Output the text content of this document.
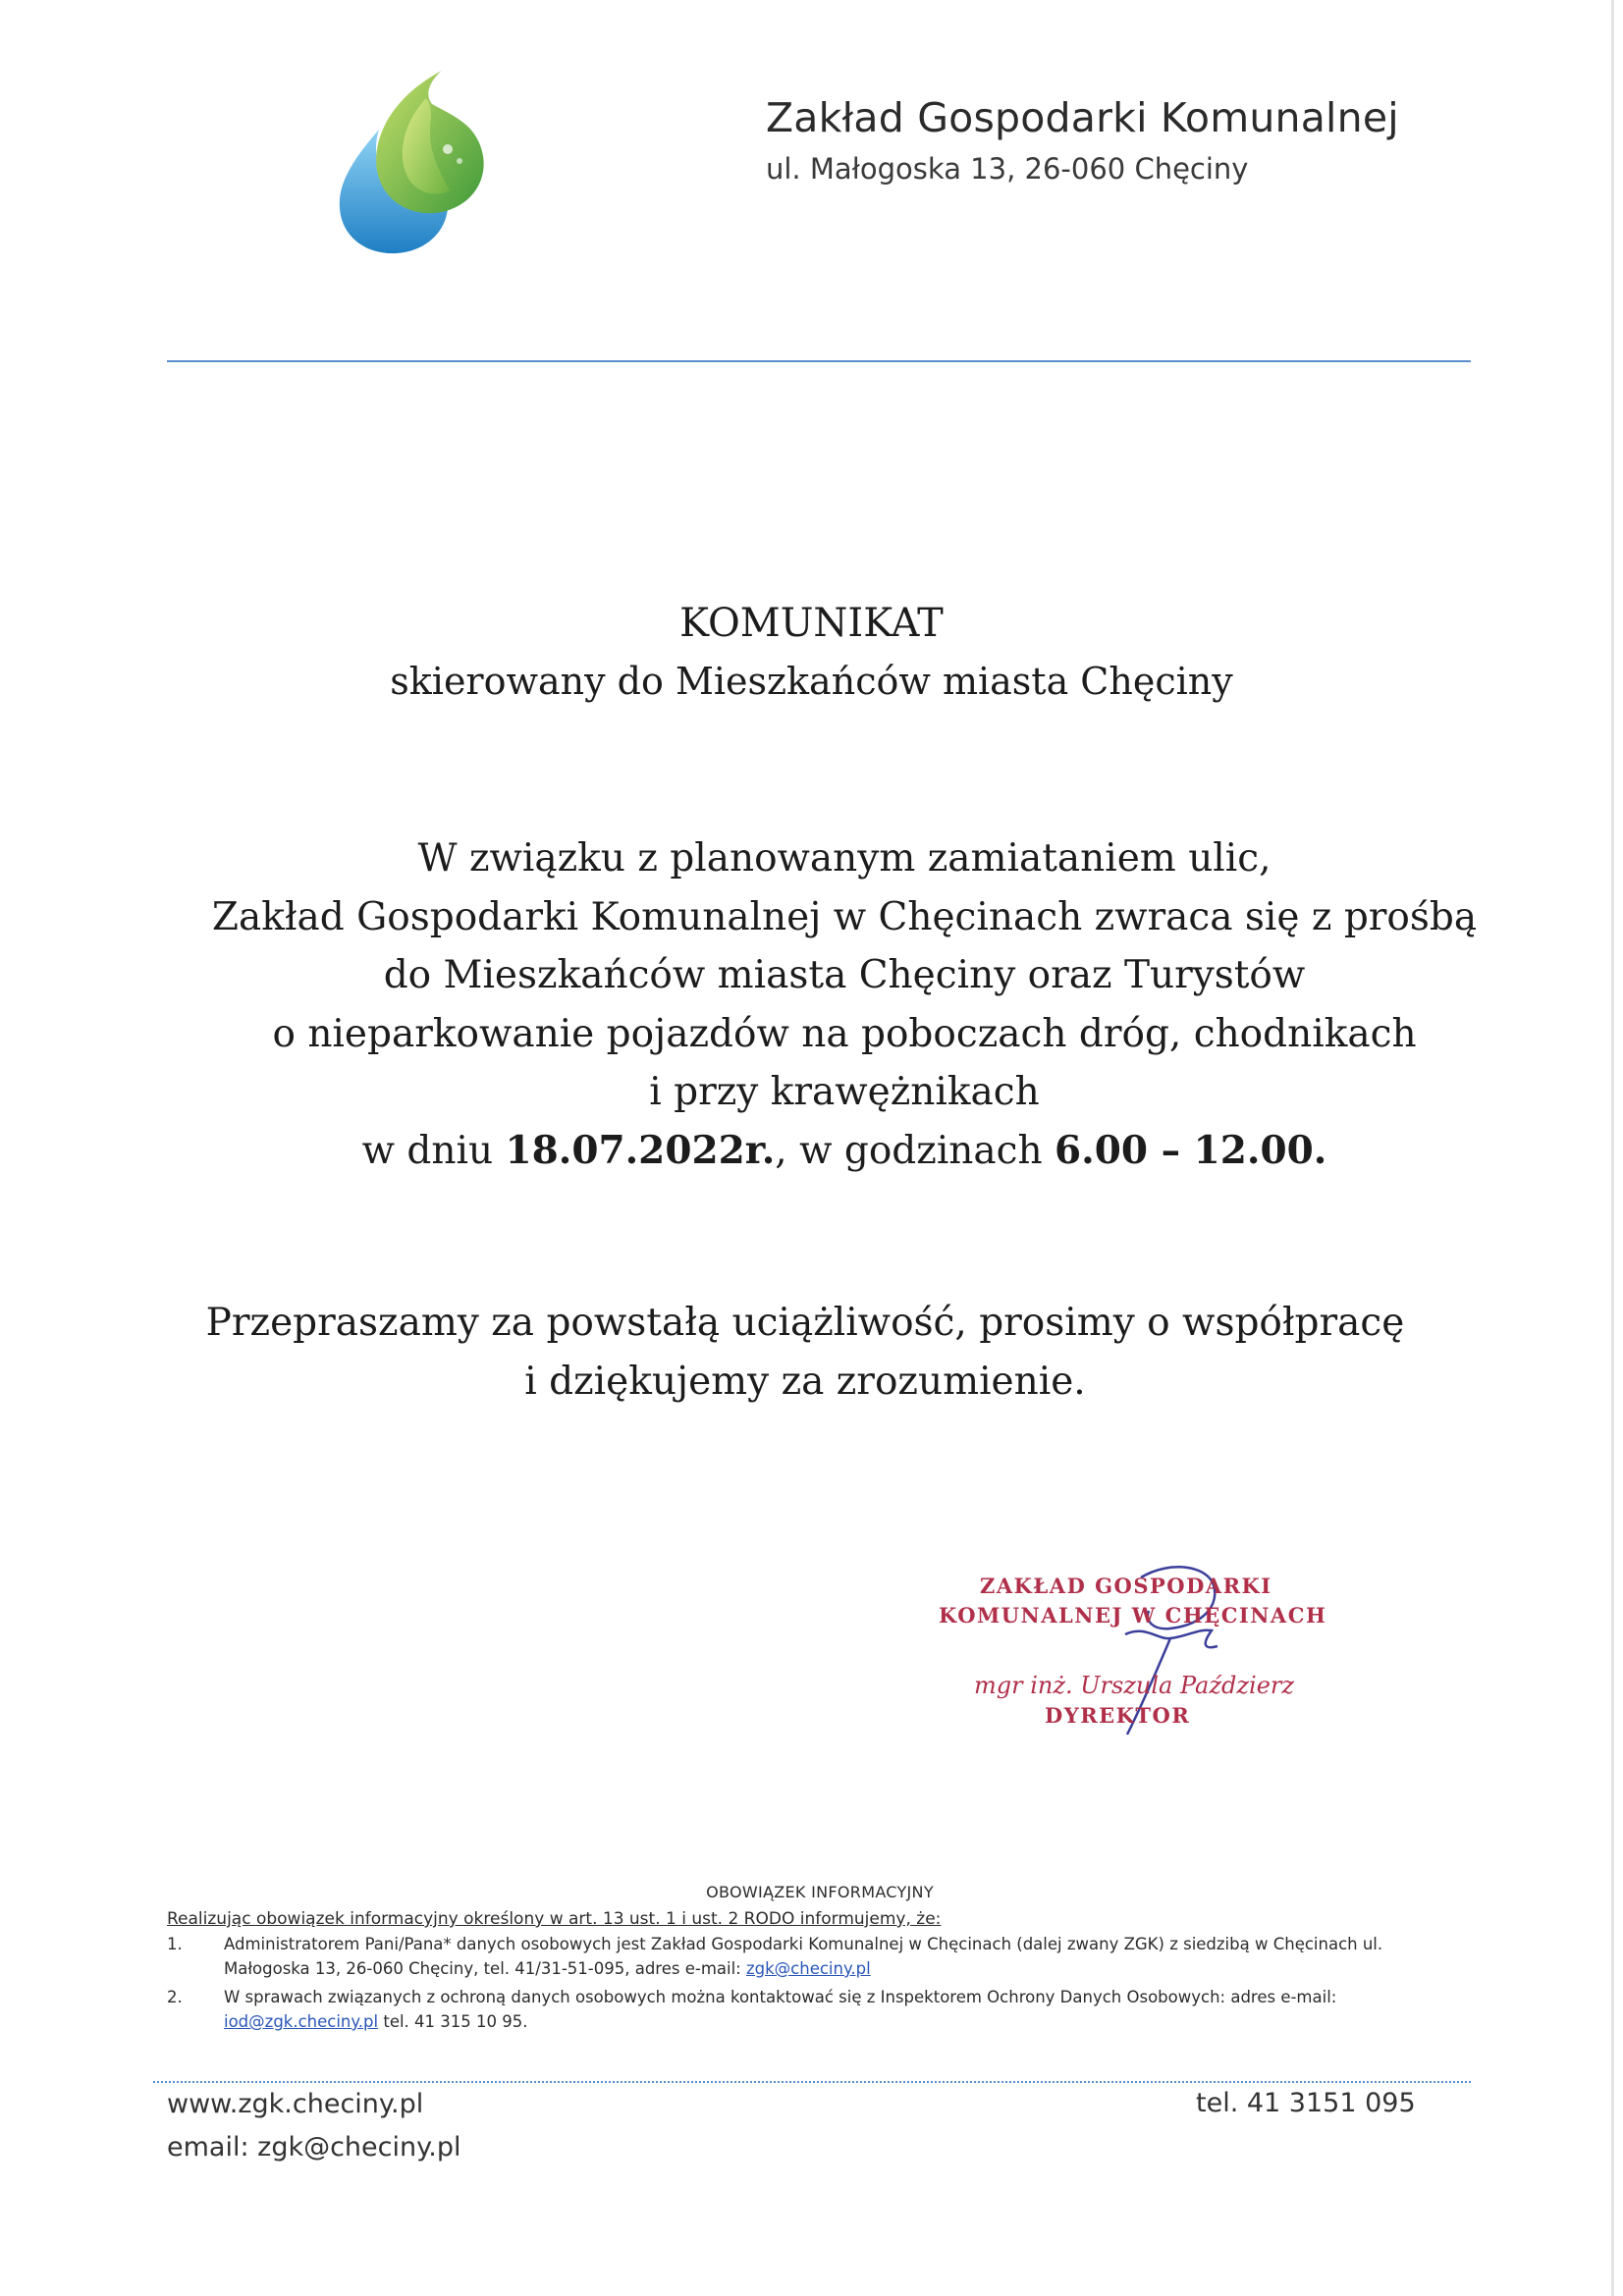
Zakład Gospodarki Komunalnej
ul. Małogoska 13, 26-060 Chęciny
KOMUNIKAT
skierowany do Mieszkańców miasta Chęciny
W związku z planowanym zamiataniem ulic,
Zakład Gospodarki Komunalnej w Chęcinach zwraca się z prośbą
do Mieszkańców miasta Chęciny oraz Turystów
o nieparkowanie pojazdów na poboczach dróg, chodnikach
i przy krawężnikach
w dniu 18.07.2022r., w godzinach 6.00 – 12.00.
Przepraszamy za powstałą uciążliwość, prosimy o współpracę
i dziękujemy za zrozumienie.
ZAKŁAD GOSPODARKI
KOMUNALNEJ W CHĘCINACH
mgr inż. Urszula Paździerz
DYREKTOR
OBOWIĄZEK INFORMACYJNY
Realizując obowiązek informacyjny określony w art. 13 ust. 1 i ust. 2 RODO informujemy, że:
1.	Administratorem Pani/Pana* danych osobowych jest Zakład Gospodarki Komunalnej w Chęcinach (dalej zwany ZGK) z siedzibą w Chęcinach ul. Małogoska 13, 26-060 Chęciny, tel. 41/31-51-095, adres e-mail: zgk@checiny.pl
2.	W sprawach związanych z ochroną danych osobowych można kontaktować się z Inspektorem Ochrony Danych Osobowych: adres e-mail: iod@zgk.checiny.pl tel. 41 315 10 95.
www.zgk.checiny.pl
email: zgk@checiny.pl
tel. 41 3151 095
